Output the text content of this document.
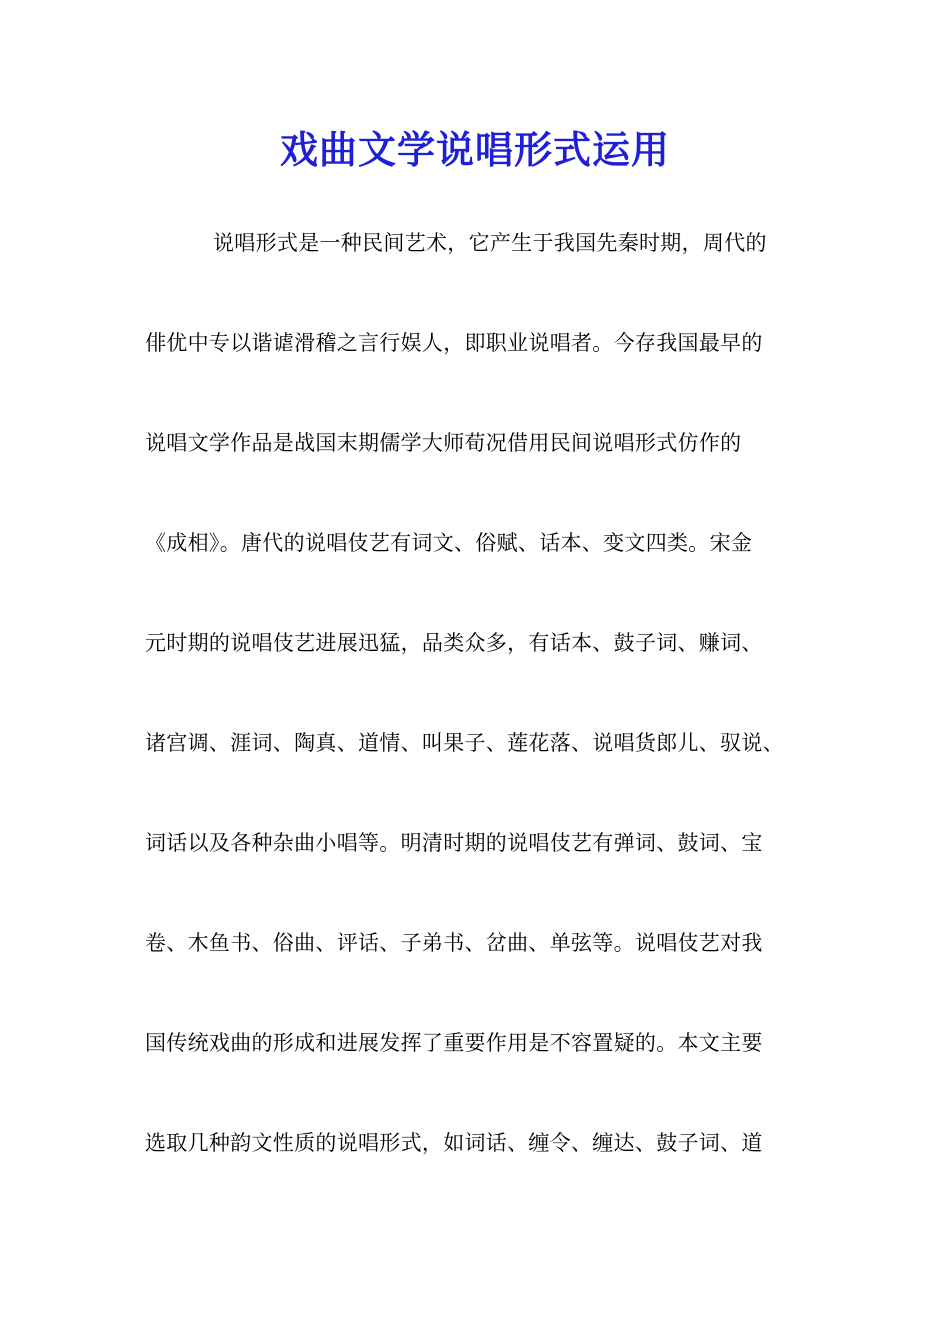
戏曲文学说唱形式运用
说唱形式是一种民间艺术，它产生于我国先秦时期，周代的
俳优中专以谐谑滑稽之言行娱人，即职业说唱者。今存我国最早的
说唱文学作品是战国末期儒学大师荀况借用民间说唱形式仿作的
《成相》。唐代的说唱伎艺有词文、俗赋、话本、变文四类。宋金
元时期的说唱伎艺进展迅猛，品类众多，有话本、鼓子词、赚词、
诸宫调、涯词、陶真、道情、叫果子、莲花落、说唱货郎儿、驭说、
词话以及各种杂曲小唱等。明清时期的说唱伎艺有弹词、鼓词、宝
卷、木鱼书、俗曲、评话、子弟书、岔曲、单弦等。说唱伎艺对我
国传统戏曲的形成和进展发挥了重要作用是不容置疑的。本文主要
选取几种韵文性质的说唱形式，如词话、缠令、缠达、鼓子词、道
